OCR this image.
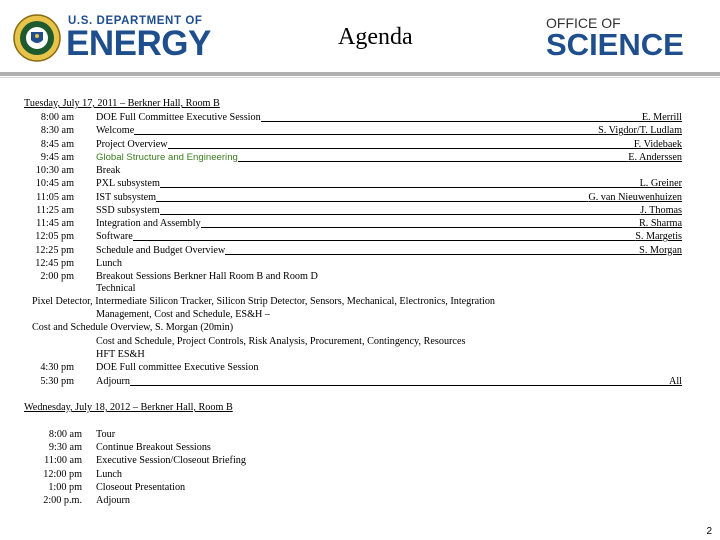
U.S. DEPARTMENT OF
ENERGY	Agenda
OFFICE OF
SCIENCE
Tuesday, July 17, 2011 – Berkner Hall, Room B
8:00 am DOE Full Committee Executive Session	E. Merrill
8:30 am Welcome	S. Vigdor/T. Ludlam
8:45 am Project Overview	F. Videbaek
9:45 am Global Structure and Engineering	E. Anderssen
10:30 am Break
10:45 am PXL subsystem	L. Greiner
11:05 am IST subsystem	G. van Nieuwenhuizen
11:25 am SSD subsystem	J. Thomas
11:45 am Integration and Assembly	R. Sharma
12:05 pm Software	S. Margetis
12:25 pm Schedule and Budget Overview	S. Morgan
12:45 pm Lunch
2:00 pm Breakout Sessions Berkner Hall Room B and Room D
Technical
Pixel Detector, Intermediate Silicon Tracker, Silicon Strip Detector, Sensors, Mechanical, Electronics, Integration
Management, Cost and Schedule, ES&H –
Cost and Schedule Overview, S. Morgan (20min)
Cost and Schedule, Project Controls, Risk Analysis, Procurement, Contingency, Resources
HFT ES&H
4:30 pm DOE Full committee Executive Session
5:30 pm Adjourn	All
Wednesday, July 18, 2012 – Berkner Hall, Room B
8:00 am Tour
9:30 am Continue Breakout Sessions
11:00 am Executive Session/Closeout Briefing
12:00 pm Lunch
1:00 pm Closeout Presentation
2:00 p.m. Adjourn
2
